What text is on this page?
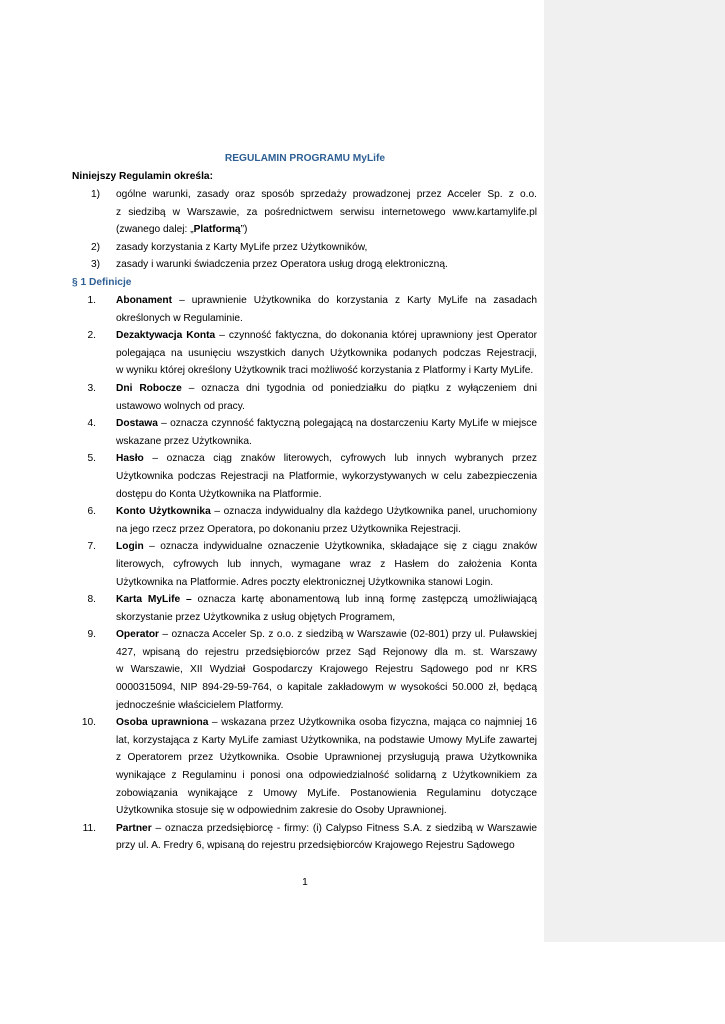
REGULAMIN PROGRAMU MyLife
Niniejszy Regulamin określa:
1) ogólne warunki, zasady oraz sposób sprzedaży prowadzonej przez Acceler Sp. z o.o.
z siedzibą w Warszawie, za pośrednictwem serwisu internetowego www.kartamylife.pl
(zwanego dalej: „Platformą”)
2) zasady korzystania z Karty MyLife przez Użytkowników,
3) zasady i warunki świadczenia przez Operatora usług drogą elektroniczną.
§ 1 Definicje
1. Abonament – uprawnienie Użytkownika do korzystania z Karty MyLife na zasadach
określonych w Regulaminie.
2. Dezaktywacja Konta – czynność faktyczna, do dokonania której uprawniony jest Operator
polegająca na usunięciu wszystkich danych Użytkownika podanych podczas Rejestracji,
w wyniku której określony Użytkownik traci możliwość korzystania z Platformy i Karty MyLife.
3. Dni Robocze – oznacza dni tygodnia od poniedziałku do piątku z wyłączeniem dni
ustawowo wolnych od pracy.
4. Dostawa – oznacza czynność faktyczną polegającą na dostarczeniu Karty MyLife w miejsce
wskazane przez Użytkownika.
5. Hasło – oznacza ciąg znaków literowych, cyfrowych lub innych wybranych przez
Użytkownika podczas Rejestracji na Platformie, wykorzystywanych w celu zabezpieczenia
dostępu do Konta Użytkownika na Platformie.
6. Konto Użytkownika – oznacza indywidualny dla każdego Użytkownika panel, uruchomiony
na jego rzecz przez Operatora, po dokonaniu przez Użytkownika Rejestracji.
7. Login – oznacza indywidualne oznaczenie Użytkownika, składające się z ciągu znaków
literowych, cyfrowych lub innych, wymagane wraz z Hasłem do założenia Konta
Użytkownika na Platformie. Adres poczty elektronicznej Użytkownika stanowi Login.
8. Karta MyLife – oznacza kartę abonamentową lub inną formę zastępczą umożliwiającą
skorzystanie przez Użytkownika z usług objętych Programem,
9. Operator – oznacza Acceler Sp. z o.o. z siedzibą w Warszawie (02-801) przy ul. Puławskiej
427, wpisaną do rejestru przedsiębiorców przez Sąd Rejonowy dla m. st. Warszawy
w Warszawie, XII Wydział Gospodarczy Krajowego Rejestru Sądowego pod nr KRS
0000315094, NIP 894-29-59-764, o kapitale zakładowym w wysokości 50.000 zł, będącą
jednocześnie właścicielem Platformy.
10. Osoba uprawniona – wskazana przez Użytkownika osoba fizyczna, mająca co najmniej 16
lat, korzystająca z Karty MyLife zamiast Użytkownika, na podstawie Umowy MyLife zawartej
z Operatorem przez Użytkownika. Osobie Uprawnionej przysługują prawa Użytkownika
wynikające z Regulaminu i ponosi ona odpowiedzialność solidarną z Użytkownikiem za
zobowiązania wynikające z Umowy MyLife. Postanowienia Regulaminu dotyczące
Użytkownika stosuje się w odpowiednim zakresie do Osoby Uprawnionej.
11. Partner – oznacza przedsiębiorcę - firmy: (i) Calypso Fitness S.A. z siedzibą w Warszawie
przy ul. A. Fredry 6, wpisaną do rejestru przedsiębiorców Krajowego Rejestru Sądowego
1
